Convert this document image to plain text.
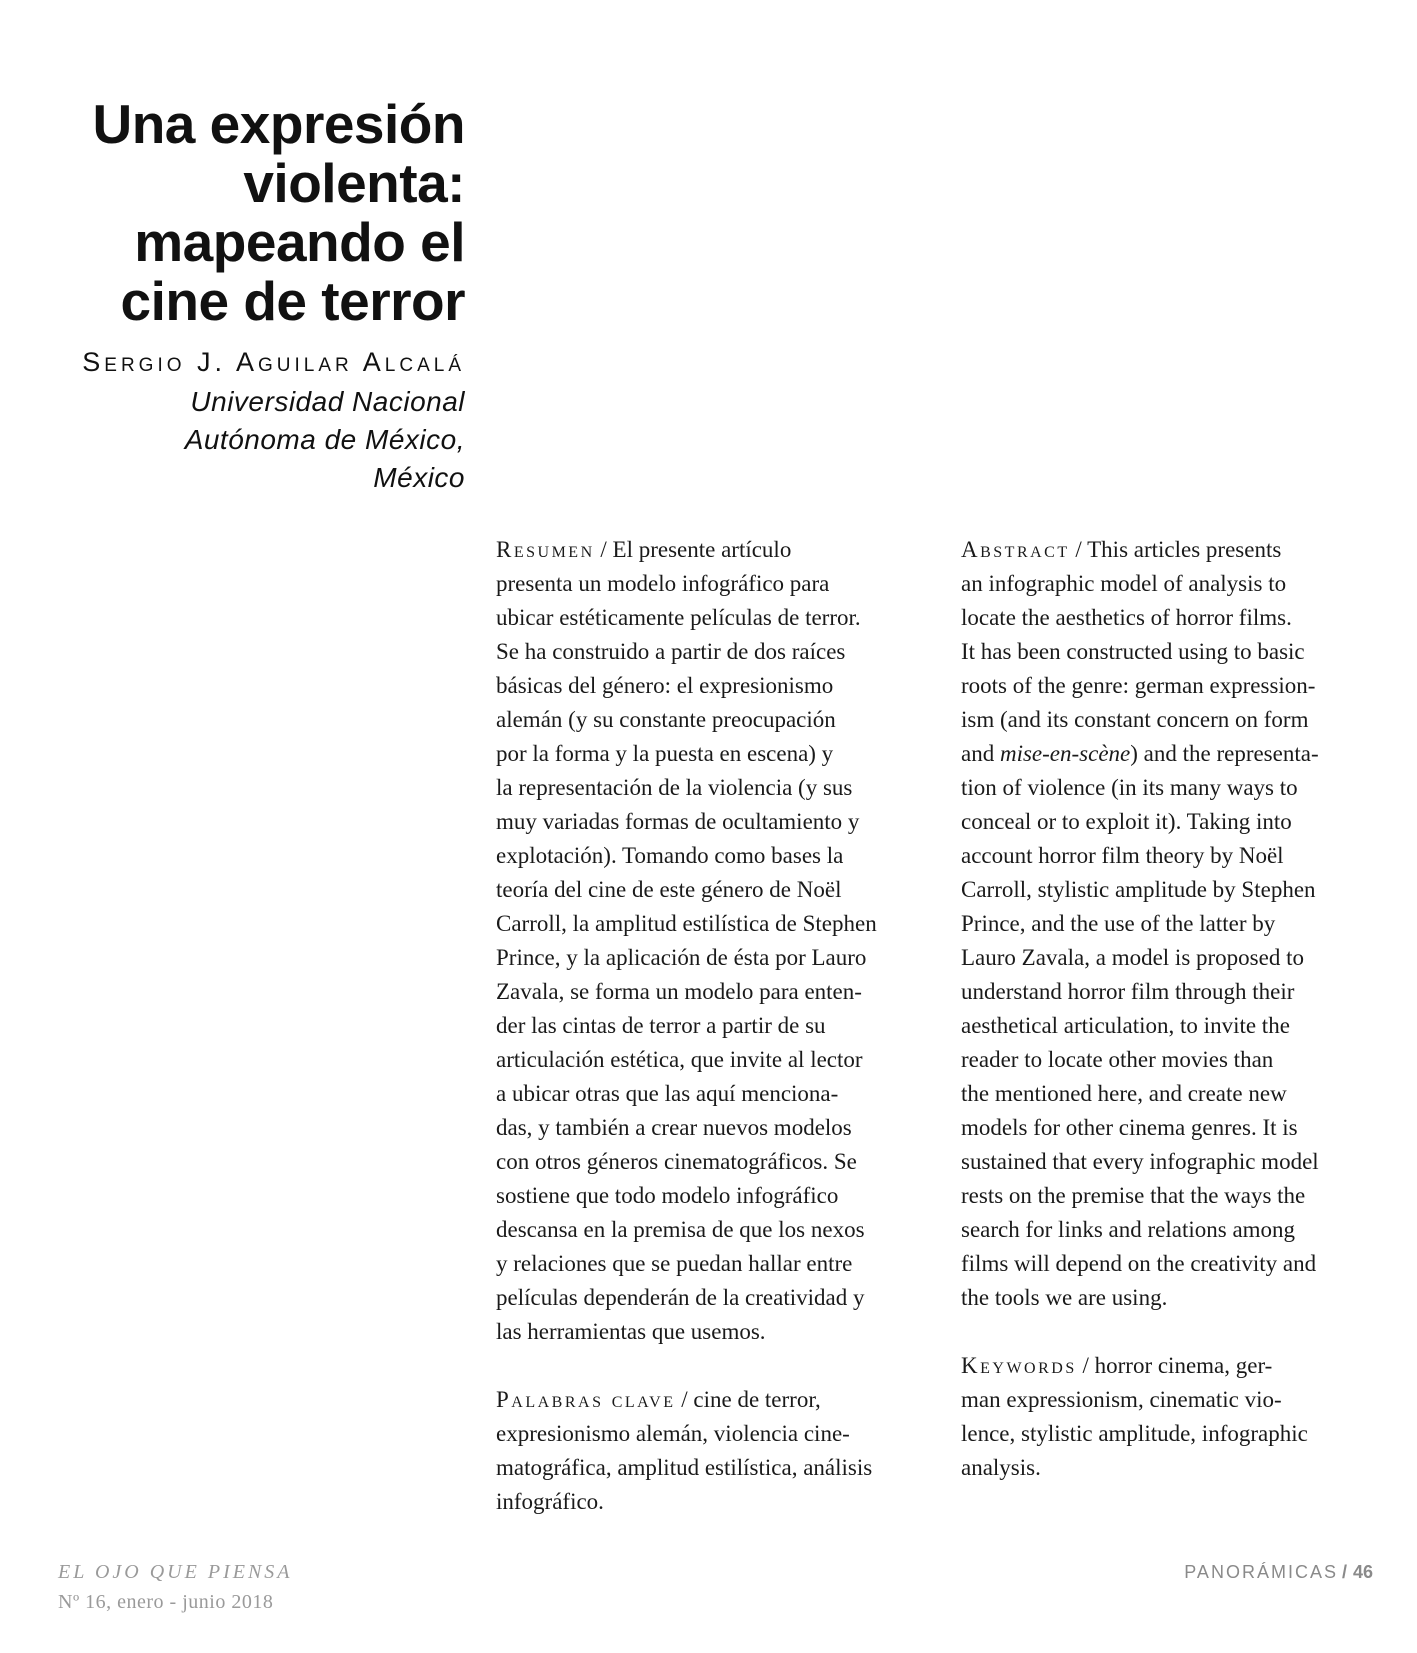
Una expresión
violenta:
mapeando el
cine de terror
Sergio J. Aguilar Alcalá
Universidad Nacional
Autónoma de México,
México
Resumen / El presente artículo
presenta un modelo infográfico para
ubicar estéticamente películas de terror.
Se ha construido a partir de dos raíces
básicas del género: el expresionismo
alemán (y su constante preocupación
por la forma y la puesta en escena) y
la representación de la violencia (y sus
muy variadas formas de ocultamiento y
explotación). Tomando como bases la
teoría del cine de este género de Noël
Carroll, la amplitud estilística de Stephen
Prince, y la aplicación de ésta por Lauro
Zavala, se forma un modelo para enten-
der las cintas de terror a partir de su
articulación estética, que invite al lector
a ubicar otras que las aquí menciona-
das, y también a crear nuevos modelos
con otros géneros cinematográficos. Se
sostiene que todo modelo infográfico
descansa en la premisa de que los nexos
y relaciones que se puedan hallar entre
películas dependerán de la creatividad y
las herramientas que usemos.
Palabras clave / cine de terror,
expresionismo alemán, violencia cine-
matográfica, amplitud estilística, análisis
infográfico.
Abstract / This articles presents
an infographic model of analysis to
locate the aesthetics of horror films.
It has been constructed using to basic
roots of the genre: german expression-
ism (and its constant concern on form
and mise-en-scène) and the representa-
tion of violence (in its many ways to
conceal or to exploit it). Taking into
account horror film theory by Noël
Carroll, stylistic amplitude by Stephen
Prince, and the use of the latter by
Lauro Zavala, a model is proposed to
understand horror film through their
aesthetical articulation, to invite the
reader to locate other movies than
the mentioned here, and create new
models for other cinema genres. It is
sustained that every infographic model
rests on the premise that the ways the
search for links and relations among
films will depend on the creativity and
the tools we are using.
Keywords / horror cinema, ger-
man expressionism, cinematic vio-
lence, stylistic amplitude, infographic
analysis.
EL OJO QUE PIENSA
Nº 16, enero - junio 2018
PANORÁMICAS / 46
